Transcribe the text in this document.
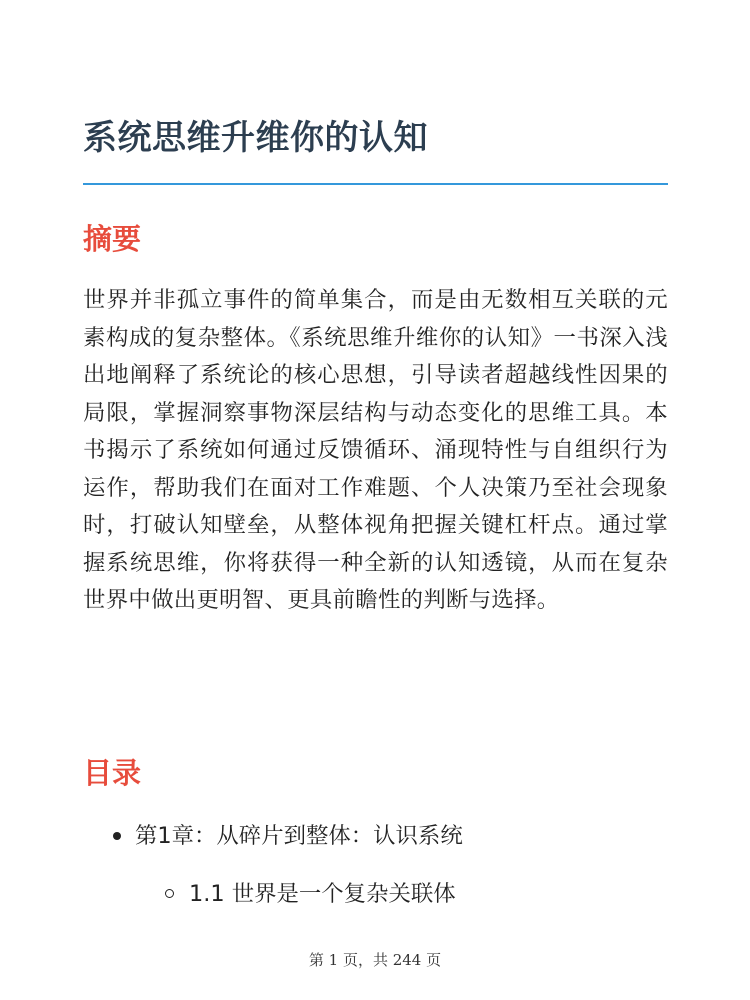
系统思维升维你的认知
摘要

世界并非孤立事件的简单集合，而是由无数相互关联的元素构成的复杂整体。《系统思维升维你的认知》一书深入浅出地阐释了系统论的核心思想，引导读者超越线性因果的局限，掌握洞察事物深层结构与动态变化的思维工具。本书揭示了系统如何通过反馈循环、涌现特性与自组织行为运作，帮助我们在面对工作难题、个人决策乃至社会现象时，打破认知壁垒，从整体视角把握关键杠杆点。通过掌握系统思维，你将获得一种全新的认知透镜，从而在复杂世界中做出更明智、更具前瞻性的判断与选择。

目录
第1章：从碎片到整体：认识系统
1.1 世界是一个复杂关联体
第 1 页，共 244 页
